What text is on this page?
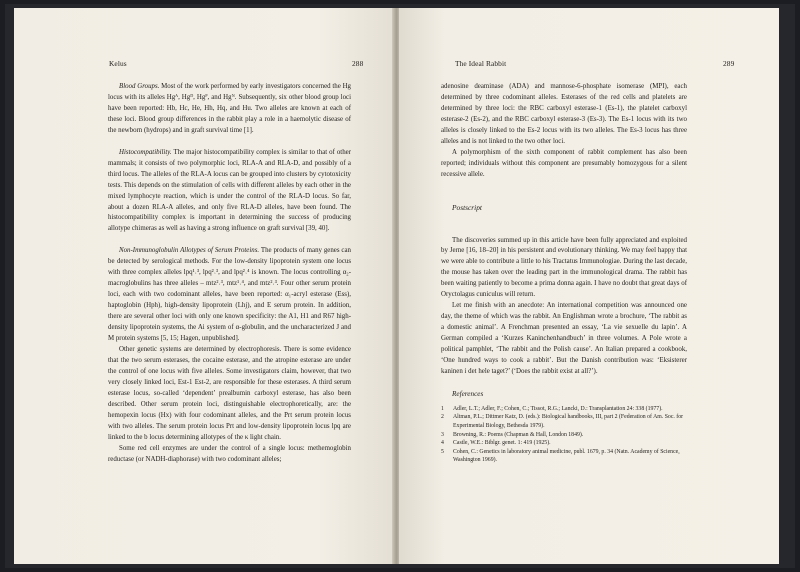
Kelus	288

Blood Groups. Most of the work performed by early investigators concerned the Hg locus with its alleles Hgᴬ, Hgᴰ, Hgᴾ, and Hgᴺ. Subsequently, six other blood group loci have been reported: Hb, Hc, He, Hh, Hq, and Hu. Two alleles are known at each of these loci. Blood group differences in the rabbit play a role in a haemolytic disease of the newborn (hydrops) and in graft survival time [1].

Histocompatibility. The major histocompatibility complex is similar to that of other mammals; it consists of two polymorphic loci, RLA-A and RLA-D, and possibly of a third locus. The alleles of the RLA-A locus can be grouped into clusters by cytotoxicity tests. This depends on the stimulation of cells with different alleles by each other in the mixed lymphocyte reaction, which is under the control of the RLA-D locus. So far, about a dozen RLA-A alleles, and only five RLA-D alleles, have been found. The histocompatibility complex is important in determining the success of producing allotype chimeras as well as having a strong influence on graft survival [39, 40].

Non-Immunoglobulin Allotypes of Serum Proteins. The products of many genes can be detected by serological methods. For the low-density lipoprotein system one locus with three complex alleles lpq¹˒³, lpq²˒³, and lpq²˒⁴ is known. The locus controlling α₂-macroglobulins has three alleles – mtz²˒³, mtz¹˒⁴, and mtz²˒³. Four other serum protein loci, each with two codominant alleles, have been reported: α₁-acryl esterase (Ess), haptoglobin (Hph), high-density lipoprotein (Lhj), and E serum protein. In addition, there are several other loci with only one known specificity: the A1, H1 and R67 high-density lipoprotein systems, the Ai system of α-globulin, and the uncharacterized J and M protein systems [5, 15; Hagen, unpublished].

Other genetic systems are determined by electrophoresis. There is some evidence that the two serum esterases, the cocaine esterase, and the atropine esterase are under the control of one locus with five alleles. Some investigators claim, however, that two very closely linked loci, Est-1 Est-2, are responsible for these esterases. A third serum esterase locus, so-called ‘dependent’ prealbumin carboxyl esterase, has also been described. Other serum protein loci, distinguishable electrophoretically, are: the hemopexin locus (Hx) with four codominant alleles, and the Prt serum protein locus with two alleles. The serum protein locus Prt and low-density lipoprotein locus lpq are linked to the b locus determining allotypes of the κ light chain.

Some red cell enzymes are under the control of a single locus: methemoglobin reductase (or NADH-diaphorase) with two codominant alleles;

The Ideal Rabbit	289

adenosine deaminase (ADA) and mannose-6-phosphate isomerase (MPI), each determined by three codominant alleles. Esterases of the red cells and platelets are determined by three loci: the RBC carboxyl esterase-1 (Es-1), the platelet carboxyl esterase-2 (Es-2), and the RBC carboxyl esterase-3 (Es-3). The Es-1 locus with its two alleles is closely linked to the Es-2 locus with its two alleles. The Es-3 locus has three alleles and is not linked to the two other loci.

A polymorphism of the sixth component of rabbit complement has also been reported; individuals without this component are presumably homozygous for a silent recessive allele.

Postscript

The discoveries summed up in this article have been fully appreciated and exploited by Jerne [16, 18–20] in his persistent and evolutionary thinking. We may feel happy that we were able to contribute a little to his Tractatus Immunologiae. During the last decade, the mouse has taken over the leading part in the immunological drama. The rabbit has been waiting patiently to become a prima donna again. I have no doubt that great days of Oryctolagus cuniculus will return.

Let me finish with an anecdote: An international competition was announced one day, the theme of which was the rabbit. An Englishman wrote a brochure, ‘The rabbit as a domestic animal’. A Frenchman presented an essay, ‘La vie sexuelle du lapin’. A German compiled a ‘Kurzes Kaninchenhandbuch’ in three volumes. A Pole wrote a political pamphlet, ‘The rabbit and the Polish cause’. An Italian prepared a cookbook, ‘One hundred ways to cook a rabbit’. But the Danish contribution was: ‘Eksisterer kaninen i det hele taget?’ (‘Does the rabbit exist at all?’).

References

1	Adler, L.T.; Adler, F.; Cohen, C.; Tissot, R.G.; Lancki, D.: Transplantation 24: 338 (1977).
2	Altman, P.L.; Dittmer Katz, D. (eds.): Biological handbooks, III, part 2 (Federation of Am. Soc. for Experimental Biology, Bethesda 1979).
3	Browning, R.: Poems (Chapman & Hall, London 1849).
4	Castle, W.E.: Biblgr. genet. 1: 419 (1925).
5	Cohen, C.: Genetics in laboratory animal medicine, publ. 1679, p. 34 (Natn. Academy of Science, Washington 1969).
